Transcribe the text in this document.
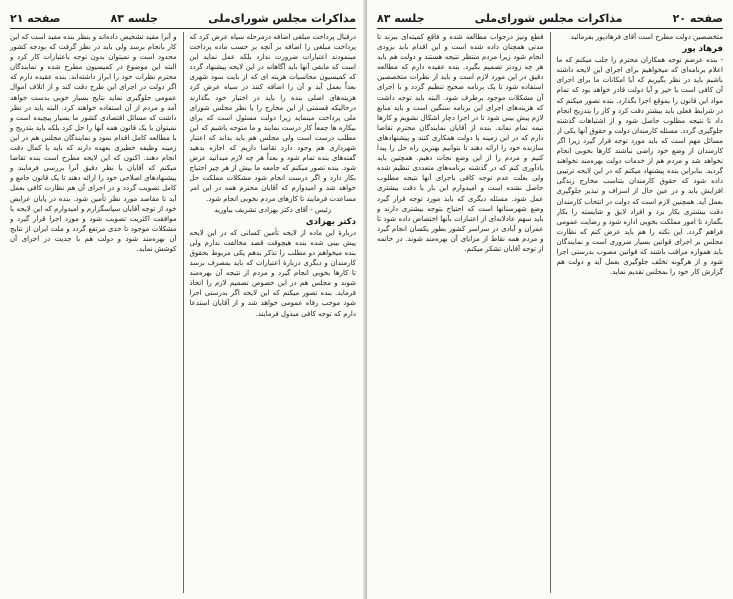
مذاکرات مجلس شورای‌ملی
جلسه ۸۳
صفحه ۲۱

درقبال پرداخت مبلغی اضافه درمرحله سیاه عرض کرد که پرداخت مبلغی را اضافه بر آنچه بر حسب ماده پرداخت مینمودند اعتبارات ضرورت ندارد بلکه عمل نماید این است که مابقی آنها باید آگاهانه در این لایحه پیشنهاد گردد که کمیسیون محاسبات هزینه ای که از بابت سود شهری بعداً بعمل آید و آن را اضافه کنند در سیاه عرض کرد هزینه‌های اصلی بنده را باید در اختیار خود بگذارند درحالیکه قسمتی از این مخارج را با نظر مجلس شورای ملی پرداخت مینماید زیرا دولت مسئول است که برای بیکاره ها جمعاً کار درست نمایند و ما متوجه باشیم که این مطلب درست است ولی مجلس هم باید بداند که اعتبار شهرداری هم وجود دارد تقاضا داریم که اجازه بدهید گفته‌های بنده تمام شود و بعداً هر چه لازم میدانید عرض شود. بنده تصور میکنم که جامعه ما بیش از هر چیز احتیاج بکار دارد و اگر درست انجام شود مشکلات مملکت حل خواهد شد و امیدوارم که آقایان محترم همه در این امر مساعدت فرمایند تا کارهای مردم بخوبی انجام شود.

رئیس - آقای دکتر بهزادی تشریف بیاورید
دکتر بهزادی

دربارهٔ این ماده از لایحه تأمین کسانی که در این لایحه پیش بینی شده بنده هیچوقت قصد مخالفت ندارم ولی بنده میخواهم دو مطلب را تذکر بدهم یکی مربوط بحقوق کارمندان و دیگری دربارهٔ اعتبارات که باید بمصرف برسد تا کارها بخوبی انجام گیرد و مردم از نتیجه آن بهره‌مند شوند و مجلس هم در این خصوص تصمیم لازم را اتخاذ فرماید. بنده تصور میکنم که این لایحه اگر بدرستی اجرا شود موجب رفاه عمومی خواهد شد و از آقایان استدعا دارم که توجه کافی مبذول فرمایند.

و آنرا مفید تشخیص داده‌اند و بنظر بنده مفید است که این کار بانجام برسد ولی باید در نظر گرفت که بودجه کشور محدود است و نمیتوان بدون توجه باعتبارات کار کرد و البته این موضوع در کمیسیون مطرح شده و نمایندگان محترم نظرات خود را ابراز داشته‌اند. بنده عقیده دارم که اگر دولت در اجرای این طرح دقت کند و از اتلاف اموال عمومی جلوگیری نماید نتایج بسیار خوبی بدست خواهد آمد و مردم از آن استفاده خواهند کرد. البته باید در نظر داشت که مسائل اقتصادی کشور ما بسیار پیچیده است و نمیتوان با یک قانون همه آنها را حل کرد بلکه باید بتدریج و با مطالعه کامل اقدام نمود و نمایندگان مجلس هم در این زمینه وظیفه خطیری بعهده دارند که باید با کمال دقت انجام دهند. اکنون که این لایحه مطرح است بنده تقاضا میکنم که آقایان با نظر دقیق آنرا بررسی فرمایند و پیشنهادهای اصلاحی خود را ارائه دهند تا یک قانون جامع و کامل تصویب گردد و در اجرای آن هم نظارت کافی بعمل آید تا مقاصد مورد نظر تأمین شود. بنده در پایان عرایض خود از توجه آقایان سپاسگزارم و امیدوارم که این لایحه با موافقت اکثریت تصویب شود و مورد اجرا قرار گیرد و مشکلات موجود تا حدی مرتفع گردد و ملت ایران از نتایج آن بهره‌مند شود و دولت هم با جدیت در اجرای آن کوشش نماید.

صفحه ۲۰
مذاکرات مجلس شورای‌ملی
جلسه ۸۳

متخصصین دولت مطرح است آقای فرهادپور بفرمائید

فرهاد پور

- بنده عرضم توجه همکاران محترم را جلب میکنم که ما اعلام برنامه‌ای که میخواهیم برای اجرای این لایحه داشته باشیم باید در نظر بگیریم که آیا امکانات ما برای اجرای آن کافی است یا خیر و آیا دولت قادر خواهد بود که تمام مواد این قانون را بموقع اجرا بگذارد. بنده تصور میکنم که در شرایط فعلی باید بیشتر دقت کرد و کار را بتدریج انجام داد تا نتیجه مطلوب حاصل شود و از اشتباهات گذشته جلوگیری گردد. مسئله کارمندان دولت و حقوق آنها یکی از مسائل مهم است که باید مورد توجه قرار گیرد زیرا اگر کارمندان از وضع خود راضی نباشند کارها بخوبی انجام نخواهد شد و مردم هم از خدمات دولت بهره‌مند نخواهند گردید. بنابراین بنده پیشنهاد میکنم که در این لایحه ترتیبی داده شود که حقوق کارمندان بتناسب مخارج زندگی افزایش یابد و در عین حال از اسراف و تبذیر جلوگیری بعمل آید. همچنین لازم است که دولت در انتخاب کارمندان دقت بیشتری بکار برد و افراد لایق و شایسته را بکار بگمارد تا امور مملکت بخوبی اداره شود و رضایت عمومی فراهم گردد. این نکته را هم باید عرض کنم که نظارت مجلس بر اجرای قوانین بسیار ضروری است و نمایندگان باید همواره مراقب باشند که قوانین مصوب بدرستی اجرا شود و از هرگونه تخلف جلوگیری بعمل آید و دولت هم گزارش کار خود را بمجلس تقدیم نماید.

قطع ونیز درجواب مطالعه شده و فاقع کمیته‌ای ببرند تا مدتی همچنان داده شده است و این اقدام باید بزودی انجام شود زیرا مردم منتظر نتیجه هستند و دولت هم باید هر چه زودتر تصمیم بگیرد. بنده عقیده دارم که مطالعه دقیق در این مورد لازم است و باید از نظرات متخصصین استفاده شود تا یک برنامه صحیح تنظیم گردد و با اجرای آن مشکلات موجود برطرف شود. البته باید توجه داشت که هزینه‌های اجرای این برنامه سنگین است و باید منابع لازم پیش بینی شود تا در اجرا دچار اشکال نشویم و کارها نیمه تمام نماند. بنده از آقایان نمایندگان محترم تقاضا دارم که در این زمینه با دولت همکاری کنند و پیشنهادهای سازنده خود را ارائه دهند تا بتوانیم بهترین راه حل را پیدا کنیم و مردم را از این وضع نجات دهیم. همچنین باید یادآوری کنم که در گذشته برنامه‌های متعددی تنظیم شده ولی بعلت عدم توجه کافی باجرای آنها نتیجه مطلوب حاصل نشده است و امیدوارم این بار با دقت بیشتری عمل شود. مسئله دیگری که باید مورد توجه قرار گیرد وضع شهرستانها است که احتیاج بتوجه بیشتری دارند و باید سهم عادلانه‌ای از اعتبارات بآنها اختصاص داده شود تا عمران و آبادی در سراسر کشور بطور یکسان انجام گیرد و مردم همه نقاط از مزایای آن بهره‌مند شوند. در خاتمه از توجه آقایان تشکر میکنم.
